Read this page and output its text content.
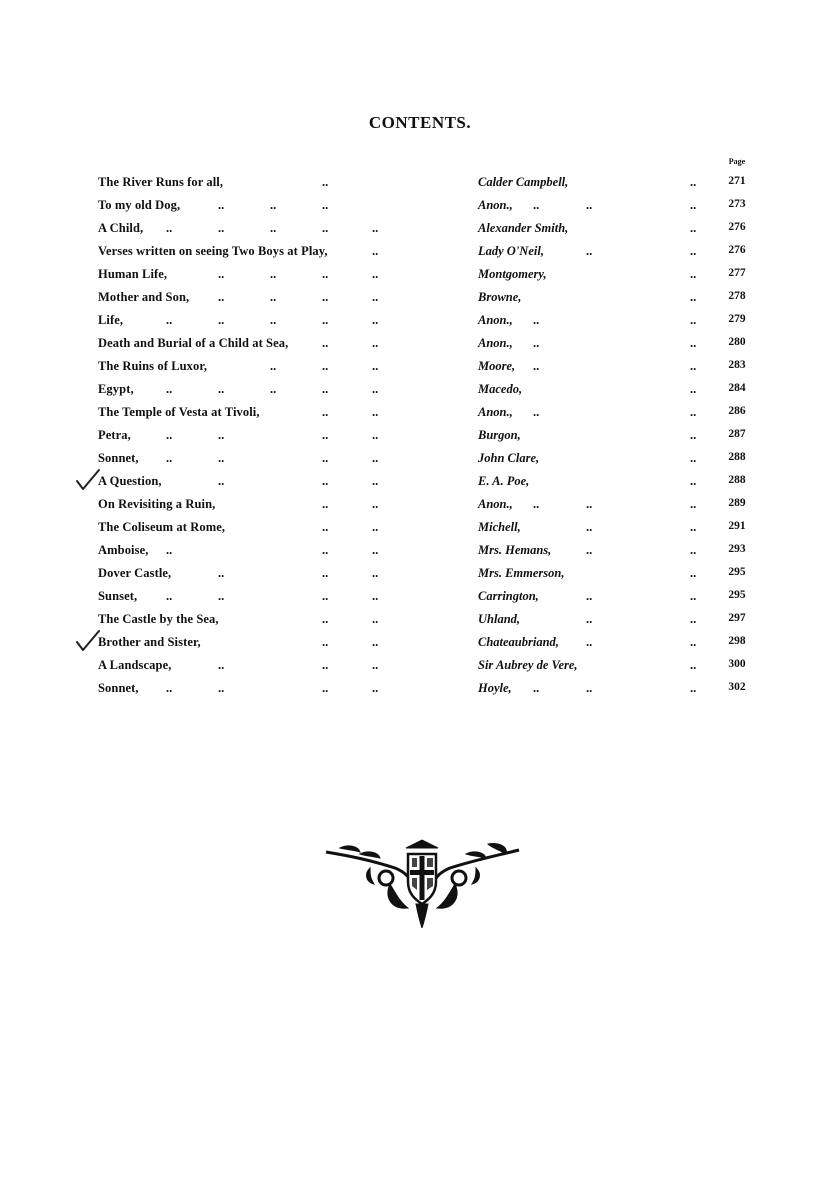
CONTENTS.
Page
The River Runs for all,	..	Calder Campbell,	..	271
To my old Dog,	..	..	..	Anon., ..	..	..	273
A Child, ..	..	..	..	..	Alexander Smith,	..	276
Verses written on seeing Two Boys at Play,	..	Lady O'Neil,	..	..	276
Human Life,	..	..	..	..	Montgomery,	..	277
Mother and Son, ..	..	..	..	Browne,	..	278
Life,	..	..	..	..	..	Anon., ..	..	279
Death and Burial of a Child at Sea,	..	..	Anon., ..	..	280
The Ruins of Luxor,	..	..	..	Moore, ..	..	283
Egypt,	..	..	..	..	..	Macedo,	..	284
The Temple of Vesta at Tivoli,	..	..	Anon., ..	..	286
Petra,	..	..	..	..	Burgon,	..	287
Sonnet, ..	..	..	..	John Clare,	..	288
A Question,	..	..	..	E. A. Poe,	..	288
On Revisiting a Ruin,	..	..	Anon., ..	..	..	289
The Coliseum at Rome,	..	..	Michell,	..	..	291
Amboise, ..	..	..	Mrs. Hemans,	..	..	293
Dover Castle,	..	..	..	Mrs. Emmerson,	..	295
Sunset, ..	..	..	..	Carrington,	..	..	295
The Castle by the Sea,	..	..	Uhland,	..	..	297
Brother and Sister,	..	..	Chateaubriand, ..	..	298
A Landscape,	..	..	..	Sir Aubrey de Vere,	..	300
Sonnet, ..	..	..	..	Hoyle, ..	..	..	302
